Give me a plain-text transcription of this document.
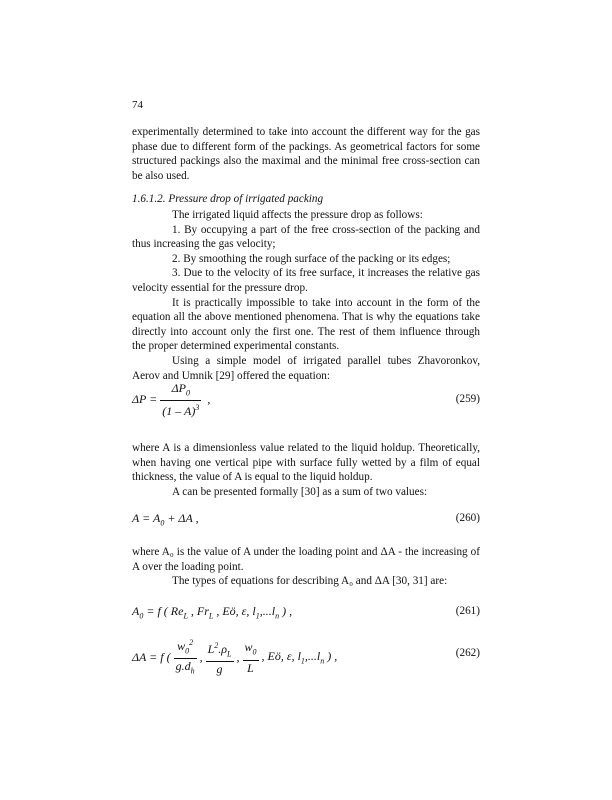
74

experimentally determined to take into account the different way for the gas phase due to different form of the packings. As geometrical factors for some structured packings also the maximal and the minimal free cross-section can be also used.

1.6.1.2. Pressure drop of irrigated packing

The irrigated liquid affects the pressure drop as follows:

1. By occupying a part of the free cross-section of the packing and thus increasing the gas velocity;

2. By smoothing the rough surface of the packing or its edges;

3. Due to the velocity of its free surface, it increases the relative gas velocity essential for the pressure drop.

It is practically impossible to take into account in the form of the equation all the above mentioned phenomena. That is why the equations take directly into account only the first one. The rest of them influence through the proper determined experimental constants.

Using a simple model of irrigated parallel tubes Zhavoronkov, Aerov and Umnik [29] offered the equation:

$\Delta P = \frac{\Delta P_0}{(1 - A)^3}$ ,	(259)

where A is a dimensionless value related to the liquid holdup. Theoretically, when having one vertical pipe with surface fully wetted by a film of equal thickness, the value of A is equal to the liquid holdup.

A can be presented formally [30] as a sum of two values:

$A = A_0 + \Delta A$ ,	(260)

where A₀ is the value of A under the loading point and ΔA - the increasing of A over the loading point.

The types of equations for describing A₀ and ΔA [30, 31] are:

$A_0 = f$ ( $Re_L$ , $Fr_L$ , Eö, ε, $l_1,...l_n$ ) ,	(261)
ΔA = f ( $\frac{w_0^2}{g.d_h}$ , $\frac{L^2.\rho_L}{g}$ , $\frac{w_0}{L}$ , Eö, ε, $l_1,...l_n$ ) ,	(262)
